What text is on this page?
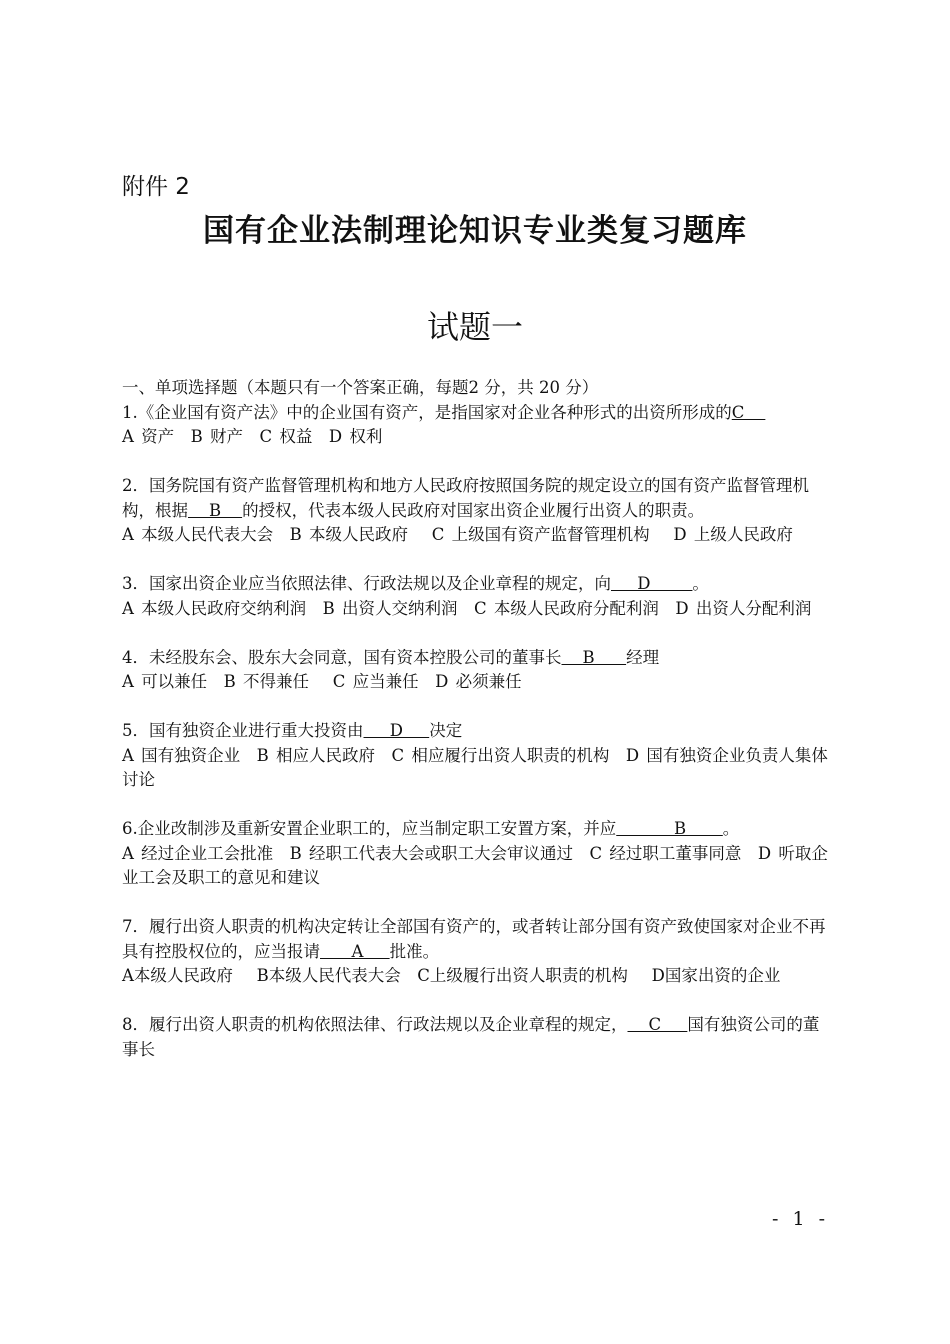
附件 2
国有企业法制理论知识专业类复习题库
试题一

一、单项选择题（本题只有一个答案正确，每题2 分，共 20 分）

1.《企业国有资产法》中的企业国有资产，是指国家对企业各种形式的出资所形成的C

A 资产　B 财产　C 权益　D 权利

2．国务院国有资产监督管理机构和地方人民政府按照国务院的规定设立的国有资产监督管理机构，根据    B    的授权，代表本级人民政府对国家出资企业履行出资人的职责。

A 本级人民代表大会　B 本级人民政府　 C 上级国有资产监督管理机构　 D 上级人民政府

3．国家出资企业应当依照法律、行政法规以及企业章程的规定，向     D        。

A 本级人民政府交纳利润　B 出资人交纳利润　C 本级人民政府分配利润　D 出资人分配利润

4．未经股东会、股东大会同意，国有资本控股公司的董事长    B      经理

A 可以兼任　B 不得兼任　 C 应当兼任　D 必须兼任

5．国有独资企业进行重大投资由     D     决定

A 国有独资企业　B 相应人民政府　C 相应履行出资人职责的机构　D 国有独资企业负责人集体讨论

6.企业改制涉及重新安置企业职工的，应当制定职工安置方案，并应           B       。

A 经过企业工会批准　B 经职工代表大会或职工大会审议通过　C 经过职工董事同意　D 听取企业工会及职工的意见和建议

7．履行出资人职责的机构决定转让全部国有资产的，或者转让部分国有资产致使国家对企业不再具有控股权位的，应当报请      A     批准。

A本级人民政府　 B本级人民代表大会　C上级履行出资人职责的机构　 D国家出资的企业

8．履行出资人职责的机构依照法律、行政法规以及企业章程的规定，    C     国有独资公司的董事长

- 1 -
